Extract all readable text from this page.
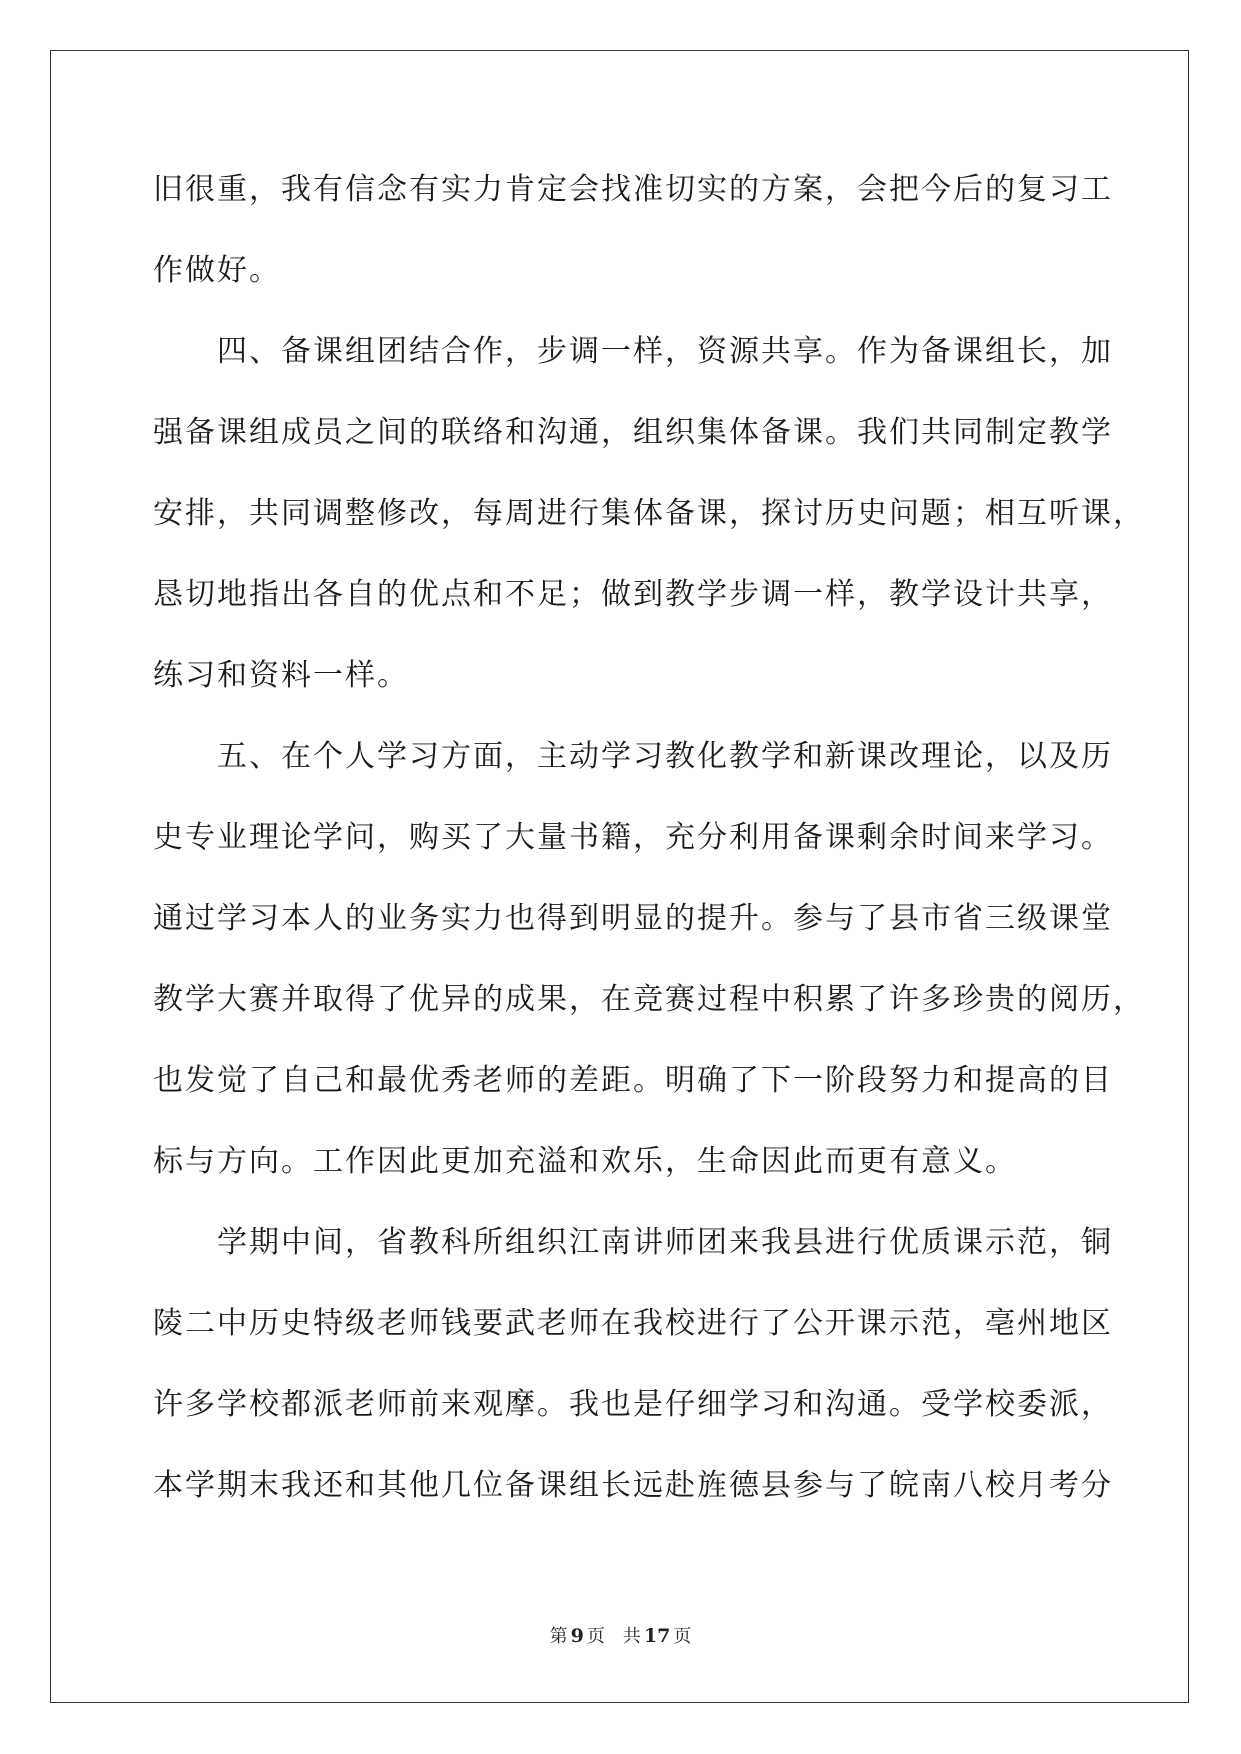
旧很重，我有信念有实力肯定会找准切实的方案，会把今后的复习工
作做好。
四、备课组团结合作，步调一样，资源共享。作为备课组长，加
强备课组成员之间的联络和沟通，组织集体备课。我们共同制定教学
安排，共同调整修改，每周进行集体备课，探讨历史问题；相互听课，
恳切地指出各自的优点和不足；做到教学步调一样，教学设计共享，
练习和资料一样。
五、在个人学习方面，主动学习教化教学和新课改理论，以及历
史专业理论学问，购买了大量书籍，充分利用备课剩余时间来学习。
通过学习本人的业务实力也得到明显的提升。参与了县市省三级课堂
教学大赛并取得了优异的成果，在竞赛过程中积累了许多珍贵的阅历，
也发觉了自己和最优秀老师的差距。明确了下一阶段努力和提高的目
标与方向。工作因此更加充溢和欢乐，生命因此而更有意义。
学期中间，省教科所组织江南讲师团来我县进行优质课示范，铜
陵二中历史特级老师钱要武老师在我校进行了公开课示范，亳州地区
许多学校都派老师前来观摩。我也是仔细学习和沟通。受学校委派，
本学期末我还和其他几位备课组长远赴旌德县参与了皖南八校月考分
第 9 页 共 17 页
